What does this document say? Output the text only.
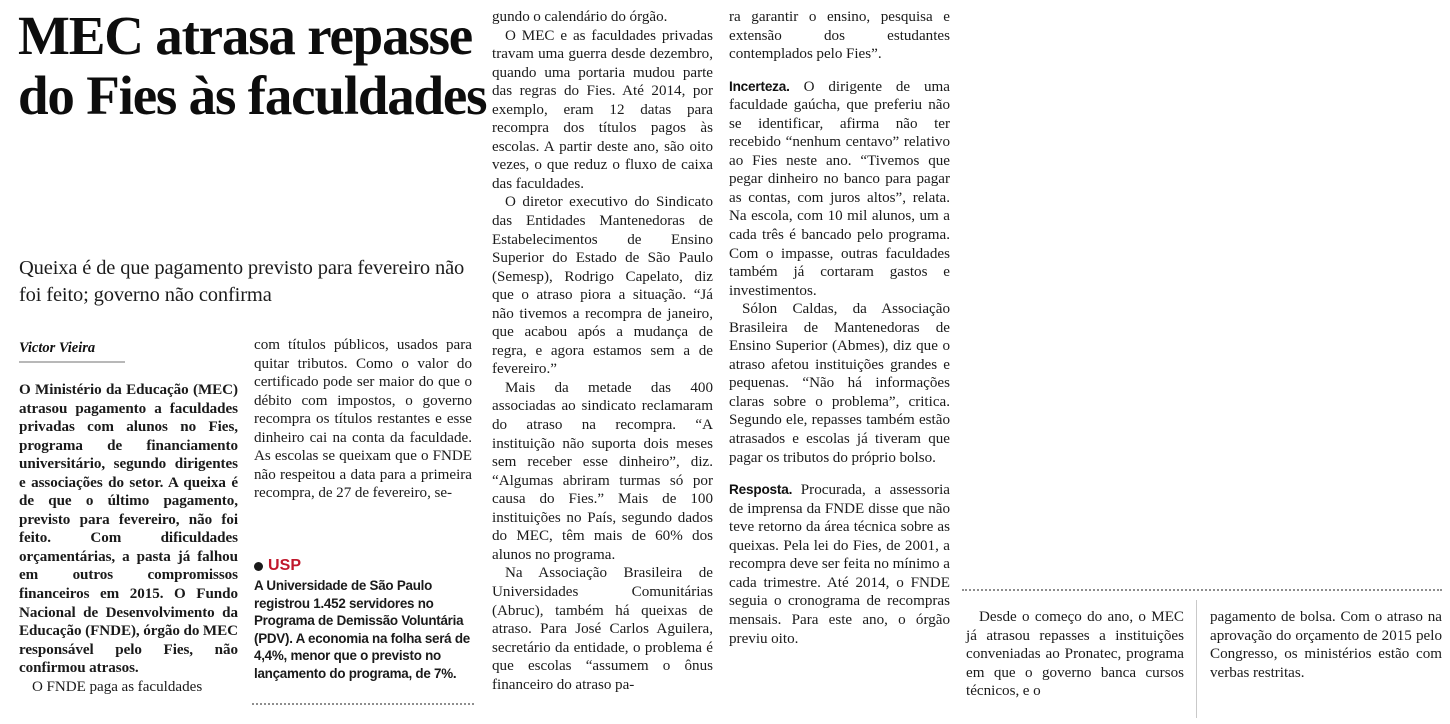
MEC atrasa repasse do Fies às faculdades
Queixa é de que pagamento previsto para fevereiro não foi feito; governo não confirma
Victor Vieira

O Ministério da Educação (MEC) atrasou pagamento a faculdades privadas com alunos no Fies, programa de financiamento universitário, segundo dirigentes e associações do setor. A queixa é de que o último pagamento, previsto para fevereiro, não foi feito. Com dificuldades orçamentárias, a pasta já falhou em outros compromissos financeiros em 2015. O Fundo Nacional de Desenvolvimento da Educação (FNDE), órgão do MEC responsável pelo Fies, não confirmou atrasos.

O FNDE paga as faculdades

com títulos públicos, usados para quitar tributos. Como o valor do certificado pode ser maior do que o débito com impostos, o governo recompra os títulos restantes e esse dinheiro cai na conta da faculdade. As escolas se queixam que o FNDE não respeitou a data para a primeira recompra, de 27 de fevereiro, se-

USP
A Universidade de São Paulo registrou 1.452 servidores no Programa de Demissão Voluntária (PDV). A economia na folha será de 4,4%, menor que o previsto no lançamento do programa, de 7%.

gundo o calendário do órgão.

O MEC e as faculdades privadas travam uma guerra desde dezembro, quando uma portaria mudou parte das regras do Fies. Até 2014, por exemplo, eram 12 datas para recompra dos títulos pagos às escolas. A partir deste ano, são oito vezes, o que reduz o fluxo de caixa das faculdades.

O diretor executivo do Sindicato das Entidades Mantenedoras de Estabelecimentos de Ensino Superior do Estado de São Paulo (Semesp), Rodrigo Capelato, diz que o atraso piora a situação. “Já não tivemos a recompra de janeiro, que acabou após a mudança de regra, e agora estamos sem a de fevereiro.”

Mais da metade das 400 associadas ao sindicato reclamaram do atraso na recompra. “A instituição não suporta dois meses sem receber esse dinheiro”, diz. “Algumas abriram turmas só por causa do Fies.” Mais de 100 instituições no País, segundo dados do MEC, têm mais de 60% dos alunos no programa.

Na Associação Brasileira de Universidades Comunitárias (Abruc), também há queixas de atraso. Para José Carlos Aguilera, secretário da entidade, o problema é que escolas “assumem o ônus financeiro do atraso pa-

ra garantir o ensino, pesquisa e extensão dos estudantes contemplados pelo Fies”.

Incerteza. O dirigente de uma faculdade gaúcha, que preferiu não se identificar, afirma não ter recebido “nenhum centavo” relativo ao Fies neste ano. “Tivemos que pegar dinheiro no banco para pagar as contas, com juros altos”, relata. Na escola, com 10 mil alunos, um a cada três é bancado pelo programa. Com o impasse, outras faculdades também já cortaram gastos e investimentos.

Sólon Caldas, da Associação Brasileira de Mantenedoras de Ensino Superior (Abmes), diz que o atraso afetou instituições grandes e pequenas. “Não há informações claras sobre o problema”, critica. Segundo ele, repasses também estão atrasados e escolas já tiveram que pagar os tributos do próprio bolso.

Resposta. Procurada, a assessoria de imprensa da FNDE disse que não teve retorno da área técnica sobre as queixas. Pela lei do Fies, de 2001, a recompra deve ser feita no mínimo a cada trimestre. Até 2014, o FNDE seguia o cronograma de recompras mensais. Para este ano, o órgão previu oito.

Desde o começo do ano, o MEC já atrasou repasses a instituições conveniadas ao Pronatec, programa em que o governo banca cursos técnicos, e o

pagamento de bolsa. Com o atraso na aprovação do orçamento de 2015 pelo Congresso, os ministérios estão com verbas restritas.
